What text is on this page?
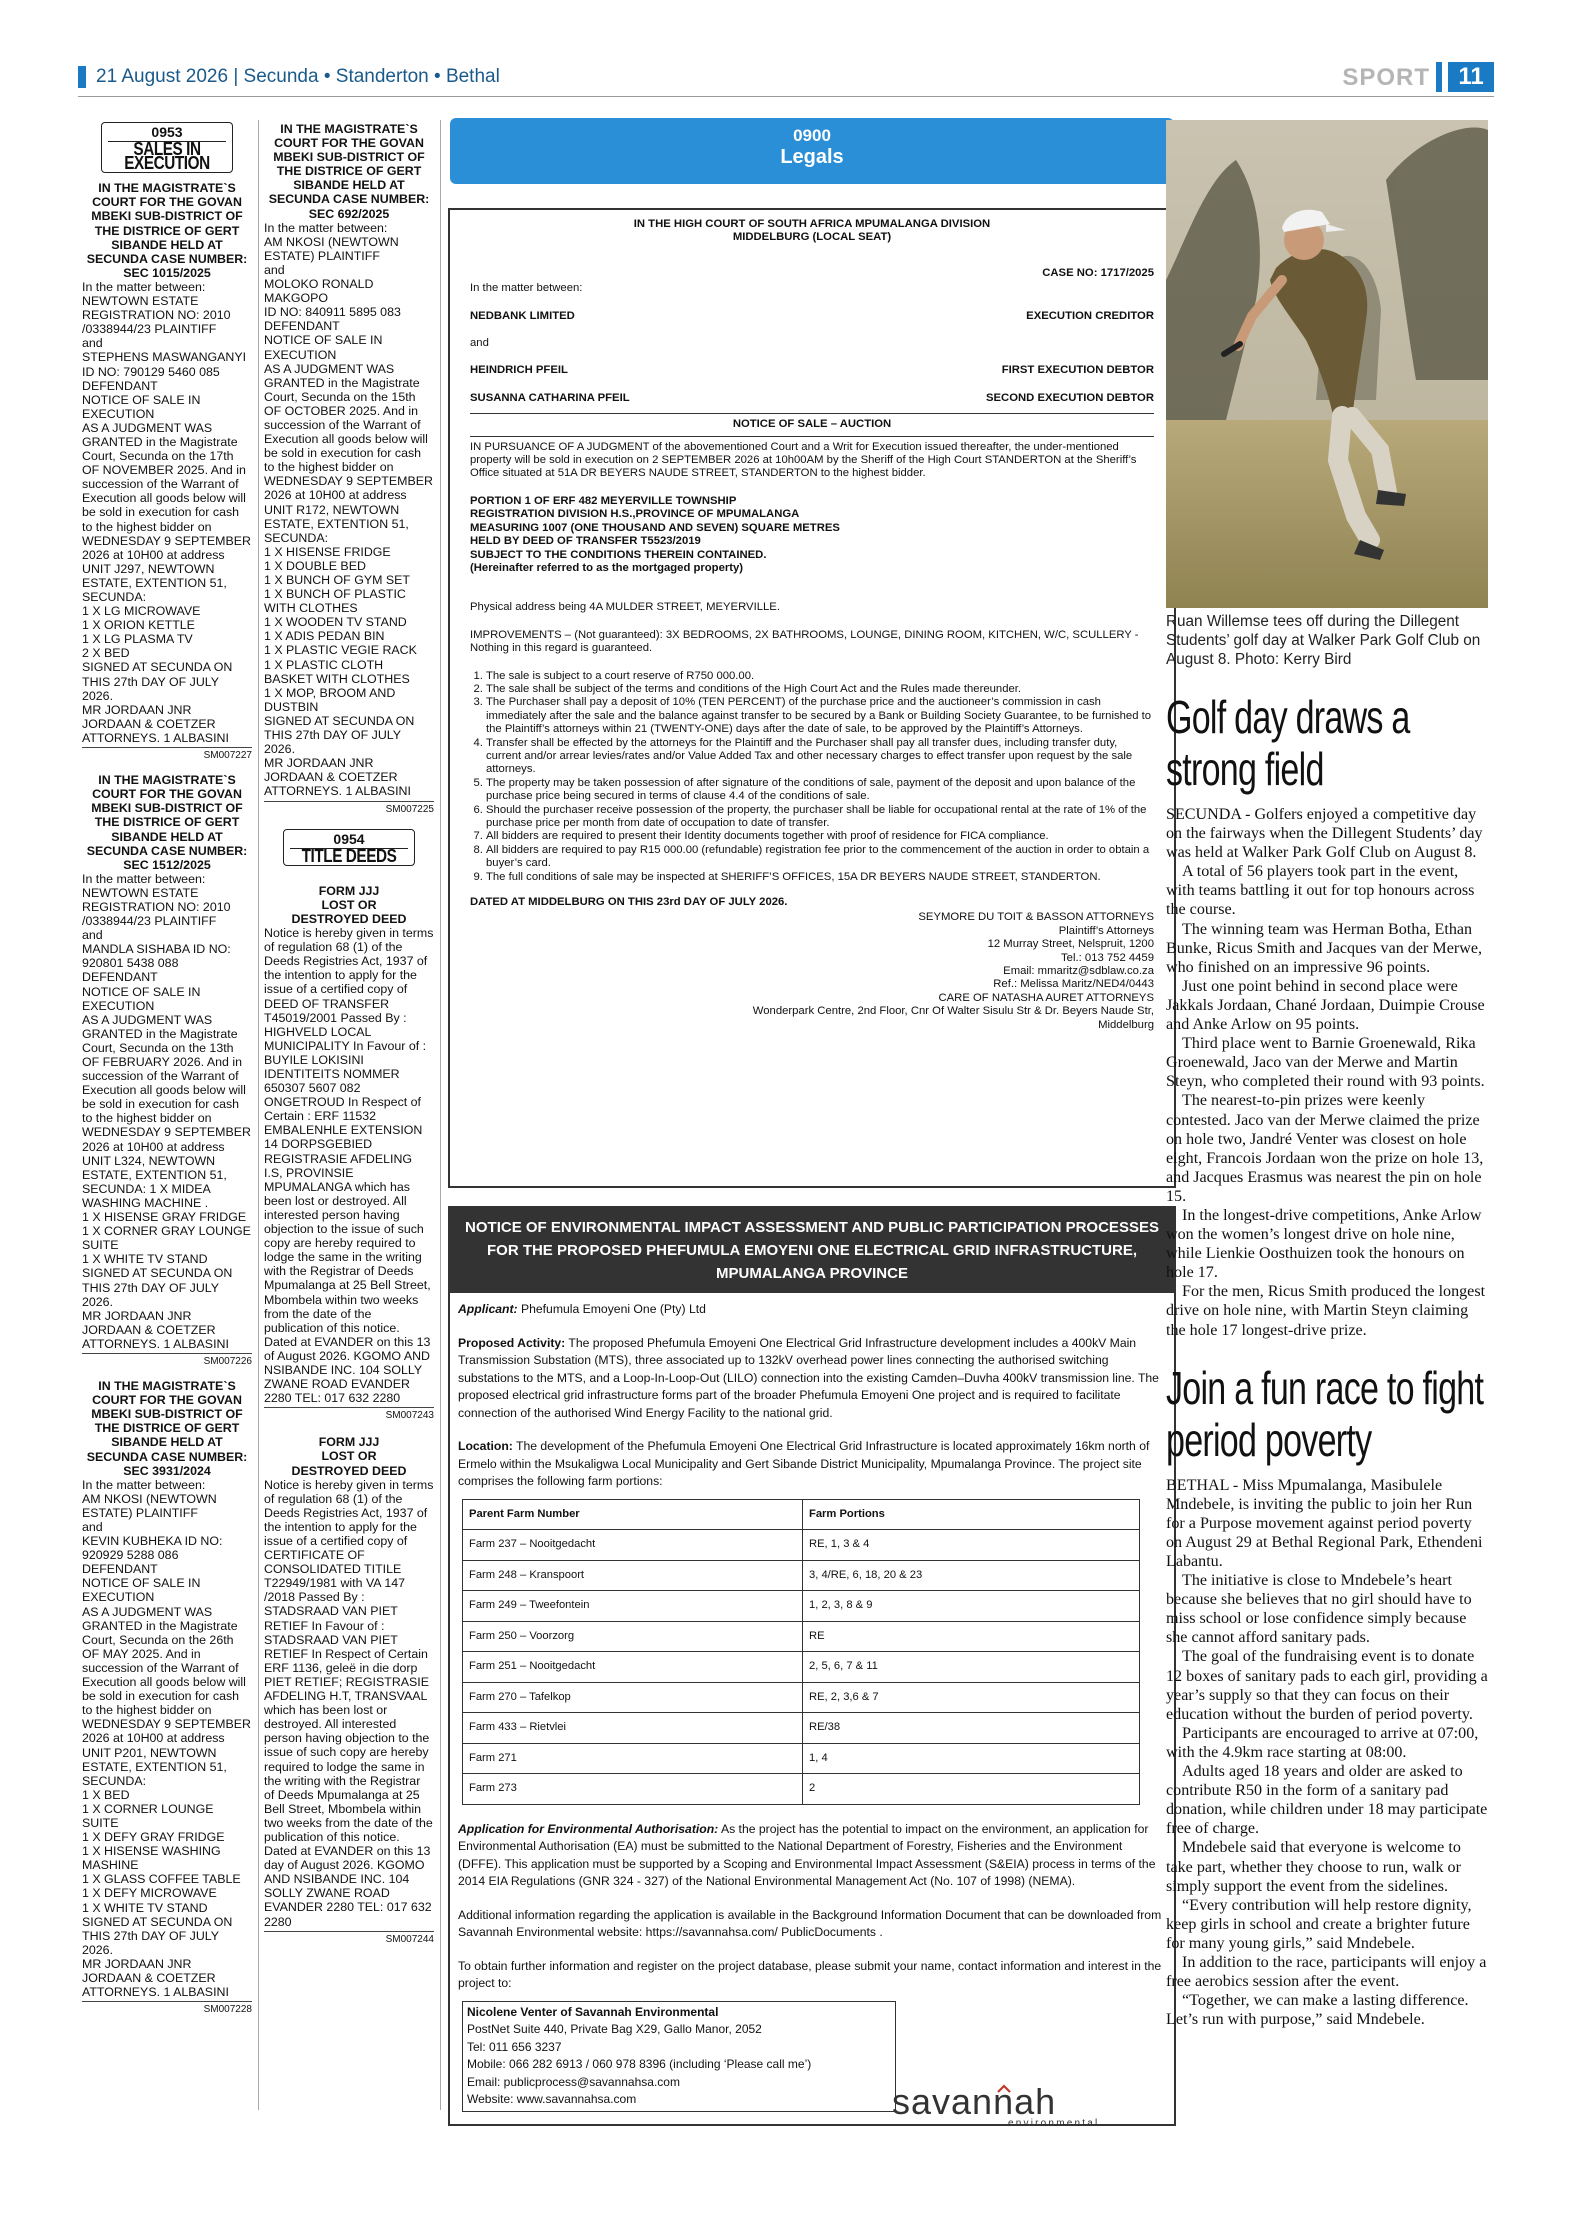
21 August 2026 | Secunda • Standerton • Bethal	SPORT	11
0953
SALES IN EXECUTION
IN THE MAGISTRATE`S COURT FOR THE GOVAN MBEKI SUB-DISTRICT OF THE DISTRICE OF GERT SIBANDE HELD AT SECUNDA CASE NUMBER: SEC 1015/2025
In the matter between:
NEWTOWN ESTATE REGISTRATION NO: 2010 /0338944/23 PLAINTIFF
and
STEPHENS MASWANGANYI ID NO: 790129 5460 085 DEFENDANT
NOTICE OF SALE IN EXECUTION
AS A JUDGMENT WAS GRANTED in the Magistrate Court, Secunda on the 17th OF NOVEMBER 2025. And in succession of the Warrant of Execution all goods below will be sold in execution for cash to the highest bidder on WEDNESDAY 9 SEPTEMBER 2026 at 10H00 at address UNIT J297, NEWTOWN ESTATE, EXTENTION 51, SECUNDA:
1 X LG MICROWAVE
1 X ORION KETTLE
1 X LG PLASMA TV
2 X BED
SIGNED AT SECUNDA ON THIS 27th DAY OF JULY 2026.
MR JORDAAN JNR
JORDAAN & COETZER ATTORNEYS. 1 ALBASINI
SM007227
IN THE MAGISTRATE`S COURT FOR THE GOVAN MBEKI SUB-DISTRICT OF THE DISTRICE OF GERT SIBANDE HELD AT SECUNDA CASE NUMBER: SEC 1512/2025
In the matter between:
NEWTOWN ESTATE REGISTRATION NO: 2010 /0338944/23 PLAINTIFF
and
MANDLA SISHABA ID NO: 920801 5438 088 DEFENDANT
NOTICE OF SALE IN EXECUTION
AS A JUDGMENT WAS GRANTED in the Magistrate Court, Secunda on the 13th OF FEBRUARY 2026. And in succession of the Warrant of Execution all goods below will be sold in execution for cash to the highest bidder on WEDNESDAY 9 SEPTEMBER 2026 at 10H00 at address UNIT L324, NEWTOWN ESTATE, EXTENTION 51, SECUNDA: 1 X MIDEA WASHING MACHINE .
1 X HISENSE GRAY FRIDGE
1 X CORNER GRAY LOUNGE SUITE
1 X WHITE TV STAND
SIGNED AT SECUNDA ON THIS 27th DAY OF JULY 2026.
MR JORDAAN JNR
JORDAAN & COETZER ATTORNEYS. 1 ALBASINI
SM007226
IN THE MAGISTRATE`S COURT FOR THE GOVAN MBEKI SUB-DISTRICT OF THE DISTRICE OF GERT SIBANDE HELD AT SECUNDA CASE NUMBER: SEC 3931/2024
In the matter between:
AM NKOSI (NEWTOWN ESTATE) PLAINTIFF
and
KEVIN KUBHEKA ID NO: 920929 5288 086 DEFENDANT
NOTICE OF SALE IN EXECUTION
AS A JUDGMENT WAS GRANTED in the Magistrate Court, Secunda on the 26th OF MAY 2025. And in succession of the Warrant of Execution all goods below will be sold in execution for cash to the highest bidder on WEDNESDAY 9 SEPTEMBER 2026 at 10H00 at address UNIT P201, NEWTOWN ESTATE, EXTENTION 51, SECUNDA:
1 X BED
1 X CORNER LOUNGE SUITE
1 X DEFY GRAY FRIDGE
1 X HISENSE WASHING MASHINE
1 X GLASS COFFEE TABLE
1 X DEFY MICROWAVE
1 X WHITE TV STAND
SIGNED AT SECUNDA ON THIS 27th DAY OF JULY 2026.
MR JORDAAN JNR
JORDAAN & COETZER ATTORNEYS. 1 ALBASINI
SM007228
IN THE MAGISTRATE`S COURT FOR THE GOVAN MBEKI SUB-DISTRICT OF THE DISTRICE OF GERT SIBANDE HELD AT SECUNDA CASE NUMBER: SEC 692/2025
In the matter between:
AM NKOSI (NEWTOWN ESTATE) PLAINTIFF
and
MOLOKO RONALD MAKGOPO
ID NO: 840911 5895 083 DEFENDANT
NOTICE OF SALE IN EXECUTION
AS A JUDGMENT WAS GRANTED in the Magistrate Court, Secunda on the 15th OF OCTOBER 2025. And in succession of the Warrant of Execution all goods below will be sold in execution for cash to the highest bidder on WEDNESDAY 9 SEPTEMBER 2026 at 10H00 at address UNIT R172, NEWTOWN ESTATE, EXTENTION 51, SECUNDA:
1 X HISENSE FRIDGE
1 X DOUBLE BED
1 X BUNCH OF GYM SET
1 X BUNCH OF PLASTIC WITH CLOTHES
1 X WOODEN TV STAND
1 X ADIS PEDAN BIN
1 X PLASTIC VEGIE RACK
1 X PLASTIC CLOTH BASKET WITH CLOTHES
1 X MOP, BROOM AND DUSTBIN
SIGNED AT SECUNDA ON THIS 27th DAY OF JULY 2026.
MR JORDAAN JNR
JORDAAN & COETZER ATTORNEYS. 1 ALBASINI
SM007225
0954
TITLE DEEDS
FORM JJJ
LOST OR
DESTROYED DEED
Notice is hereby given in terms of regulation 68 (1) of the Deeds Registries Act, 1937 of the intention to apply for the issue of a certified copy of DEED OF TRANSFER T45019/2001 Passed By : HIGHVELD LOCAL MUNICIPALITY In Favour of : BUYILE LOKISINI IDENTITEITS NOMMER 650307 5607 082 ONGETROUD In Respect of Certain : ERF 11532 EMBALENHLE EXTENSION 14 DORPSGEBIED REGISTRASIE AFDELING I.S, PROVINSIE MPUMALANGA which has been lost or destroyed. All interested person having objection to the issue of such copy are hereby required to lodge the same in the writing with the Registrar of Deeds Mpumalanga at 25 Bell Street, Mbombela within two weeks from the date of the publication of this notice. Dated at EVANDER on this 13 of August 2026. KGOMO AND NSIBANDE INC. 104 SOLLY ZWANE ROAD EVANDER 2280 TEL: 017 632 2280
SM007243
FORM JJJ
LOST OR
DESTROYED DEED
Notice is hereby given in terms of regulation 68 (1) of the Deeds Registries Act, 1937 of the intention to apply for the issue of a certified copy of CERTIFICATE OF CONSOLIDATED TITILE T22949/1981 with VA 147 /2018 Passed By : STADSRAAD VAN PIET RETIEF In Favour of : STADSRAAD VAN PIET RETIEF In Respect of Certain ERF 1136, geleë in die dorp PIET RETIEF; REGISTRASIE AFDELING H.T, TRANSVAAL which has been lost or destroyed. All interested person having objection to the issue of such copy are hereby required to lodge the same in the writing with the Registrar of Deeds Mpumalanga at 25 Bell Street, Mbombela within two weeks from the date of the publication of this notice. Dated at EVANDER on this 13 day of August 2026. KGOMO AND NSIBANDE INC. 104 SOLLY ZWANE ROAD EVANDER 2280 TEL: 017 632 2280
SM007244
0900
Legals
IN THE HIGH COURT OF SOUTH AFRICA MPUMALANGA DIVISION
MIDDELBURG (LOCAL SEAT)
CASE NO: 1717/2025
In the matter between:
NEDBANK LIMITED	EXECUTION CREDITOR
and
HEINDRICH PFEIL	FIRST EXECUTION DEBTOR
SUSANNA CATHARINA PFEIL	SECOND EXECUTION DEBTOR
NOTICE OF SALE – AUCTION
IN PURSUANCE OF A JUDGMENT of the abovementioned Court and a Writ for Execution issued thereafter, the under-mentioned property will be sold in execution on 2 SEPTEMBER 2026 at 10h00AM by the Sheriff of the High Court STANDERTON at the Sheriff’s Office situated at 51A DR BEYERS NAUDE STREET, STANDERTON to the highest bidder.
PORTION 1 OF ERF 482 MEYERVILLE TOWNSHIP
REGISTRATION DIVISION H.S.,PROVINCE OF MPUMALANGA
MEASURING 1007 (ONE THOUSAND AND SEVEN) SQUARE METRES
HELD BY DEED OF TRANSFER T5523/2019
SUBJECT TO THE CONDITIONS THEREIN CONTAINED.
(Hereinafter referred to as the mortgaged property)
Physical address being 4A MULDER STREET, MEYERVILLE.
IMPROVEMENTS – (Not guaranteed): 3X BEDROOMS, 2X BATHROOMS, LOUNGE, DINING ROOM, KITCHEN, W/C, SCULLERY - Nothing in this regard is guaranteed.
1. The sale is subject to a court reserve of R750 000.00.
2. The sale shall be subject of the terms and conditions of the High Court Act and the Rules made thereunder.
3. The Purchaser shall pay a deposit of 10% (TEN PERCENT) of the purchase price and the auctioneer’s commission in cash immediately after the sale and the balance against transfer to be secured by a Bank or Building Society Guarantee, to be furnished to the Plaintiff’s attorneys within 21 (TWENTY-ONE) days after the date of sale, to be approved by the Plaintiff’s Attorneys.
4. Transfer shall be effected by the attorneys for the Plaintiff and the Purchaser shall pay all transfer dues, including transfer duty, current and/or arrear levies/rates and/or Value Added Tax and other necessary charges to effect transfer upon request by the sale attorneys.
5. The property may be taken possession of after signature of the conditions of sale, payment of the deposit and upon balance of the purchase price being secured in terms of clause 4.4 of the conditions of sale.
6. Should the purchaser receive possession of the property, the purchaser shall be liable for occupational rental at the rate of 1% of the purchase price per month from date of occupation to date of transfer.
7. All bidders are required to present their Identity documents together with proof of residence for FICA compliance.
8. All bidders are required to pay R15 000.00 (refundable) registration fee prior to the commencement of the auction in order to obtain a buyer’s card.
9. The full conditions of sale may be inspected at SHERIFF’S OFFICES, 15A DR BEYERS NAUDE STREET, STANDERTON.
DATED AT MIDDELBURG ON THIS 23rd DAY OF JULY 2026.
SEYMORE DU TOIT & BASSON ATTORNEYS
Plaintiff’s Attorneys
12 Murray Street, Nelspruit, 1200
Tel.: 013 752 4459
Email: mmaritz@sdblaw.co.za
Ref.: Melissa Maritz/NED4/0443
CARE OF NATASHA AURET ATTORNEYS
Wonderpark Centre, 2nd Floor, Cnr Of Walter Sisulu Str & Dr. Beyers Naude Str,
Middelburg
NOTICE OF ENVIRONMENTAL IMPACT ASSESSMENT AND PUBLIC PARTICIPATION PROCESSES FOR THE PROPOSED PHEFUMULA EMOYENI ONE ELECTRICAL GRID INFRASTRUCTURE, MPUMALANGA PROVINCE

Applicant: Phefumula Emoyeni One (Pty) Ltd

Proposed Activity: The proposed Phefumula Emoyeni One Electrical Grid Infrastructure development includes a 400kV Main Transmission Substation (MTS), three associated up to 132kV overhead power lines connecting the authorised switching substations to the MTS, and a Loop-In-Loop-Out (LILO) connection into the existing Camden–Duvha 400kV transmission line. The proposed electrical grid infrastructure forms part of the broader Phefumula Emoyeni One project and is required to facilitate connection of the authorised Wind Energy Facility to the national grid.

Location: The development of the Phefumula Emoyeni One Electrical Grid Infrastructure is located approximately 16km north of Ermelo within the Msukaligwa Local Municipality and Gert Sibande District Municipality, Mpumalanga Province. The project site comprises the following farm portions:

Parent Farm Number	Farm Portions
Farm 237 – Nooitgedacht	RE, 1, 3 & 4
Farm 248 – Kranspoort	3, 4/RE, 6, 18, 20 & 23
Farm 249 – Tweefontein	1, 2, 3, 8 & 9
Farm 250 – Voorzorg	RE
Farm 251 – Nooitgedacht	2, 5, 6, 7 & 11
Farm 270 – Tafelkop	RE, 2, 3,6 & 7
Farm 433 – Rietvlei	RE/38
Farm 271	1, 4
Farm 273	2

Application for Environmental Authorisation: As the project has the potential to impact on the environment, an application for Environmental Authorisation (EA) must be submitted to the National Department of Forestry, Fisheries and the Environment (DFFE). This application must be supported by a Scoping and Environmental Impact Assessment (S&EIA) process in terms of the 2014 EIA Regulations (GNR 324 - 327) of the National Environmental Management Act (No. 107 of 1998) (NEMA).

Additional information regarding the application is available in the Background Information Document that can be downloaded from Savannah Environmental website: https://savannahsa.com/ PublicDocuments .

To obtain further information and register on the project database, please submit your name, contact information and interest in the project to:

Nicolene Venter of Savannah Environmental
PostNet Suite 440, Private Bag X29, Gallo Manor, 2052
Tel: 011 656 3237
Mobile: 066 282 6913 / 060 978 8396 (including ‘Please call me’)
Email: publicprocess@savannahsa.com
Website: www.savannahsa.com	savannah
environmental
Ruan Willemse tees off during the Dillegent Students’ golf day at Walker Park Golf Club on August 8. Photo: Kerry Bird
Golf day draws a strong field

SECUNDA - Golfers enjoyed a competitive day on the fairways when the Dillegent Students’ day was held at Walker Park Golf Club on August 8.

A total of 56 players took part in the event, with teams battling it out for top honours across the course.

The winning team was Herman Botha, Ethan Bunke, Ricus Smith and Jacques van der Merwe, who finished on an impressive 96 points.

Just one point behind in second place were Jakkals Jordaan, Chané Jordaan, Duimpie Crouse and Anke Arlow on 95 points.

Third place went to Barnie Groenewald, Rika Groenewald, Jaco van der Merwe and Martin Steyn, who completed their round with 93 points.

The nearest-to-pin prizes were keenly contested. Jaco van der Merwe claimed the prize on hole two, Jandré Venter was closest on hole eight, Francois Jordaan won the prize on hole 13, and Jacques Erasmus was nearest the pin on hole 15.

In the longest-drive competitions, Anke Arlow won the women’s longest drive on hole nine, while Lienkie Oosthuizen took the honours on hole 17.

For the men, Ricus Smith produced the longest drive on hole nine, with Martin Steyn claiming the hole 17 longest-drive prize.

Join a fun race to fight period poverty

BETHAL - Miss Mpumalanga, Masibulele Mndebele, is inviting the public to join her Run for a Purpose movement against period poverty on August 29 at Bethal Regional Park, Ethendeni Labantu.

The initiative is close to Mndebele’s heart because she believes that no girl should have to miss school or lose confidence simply because she cannot afford sanitary pads.

The goal of the fundraising event is to donate 12 boxes of sanitary pads to each girl, providing a year’s supply so that they can focus on their education without the burden of period poverty.

Participants are encouraged to arrive at 07:00, with the 4.9km race starting at 08:00.

Adults aged 18 years and older are asked to contribute R50 in the form of a sanitary pad donation, while children under 18 may participate free of charge.

Mndebele said that everyone is welcome to take part, whether they choose to run, walk or simply support the event from the sidelines.

“Every contribution will help restore dignity, keep girls in school and create a brighter future for many young girls,” said Mndebele.

In addition to the race, participants will enjoy a free aerobics session after the event.

“Together, we can make a lasting difference. Let’s run with purpose,” said Mndebele.
